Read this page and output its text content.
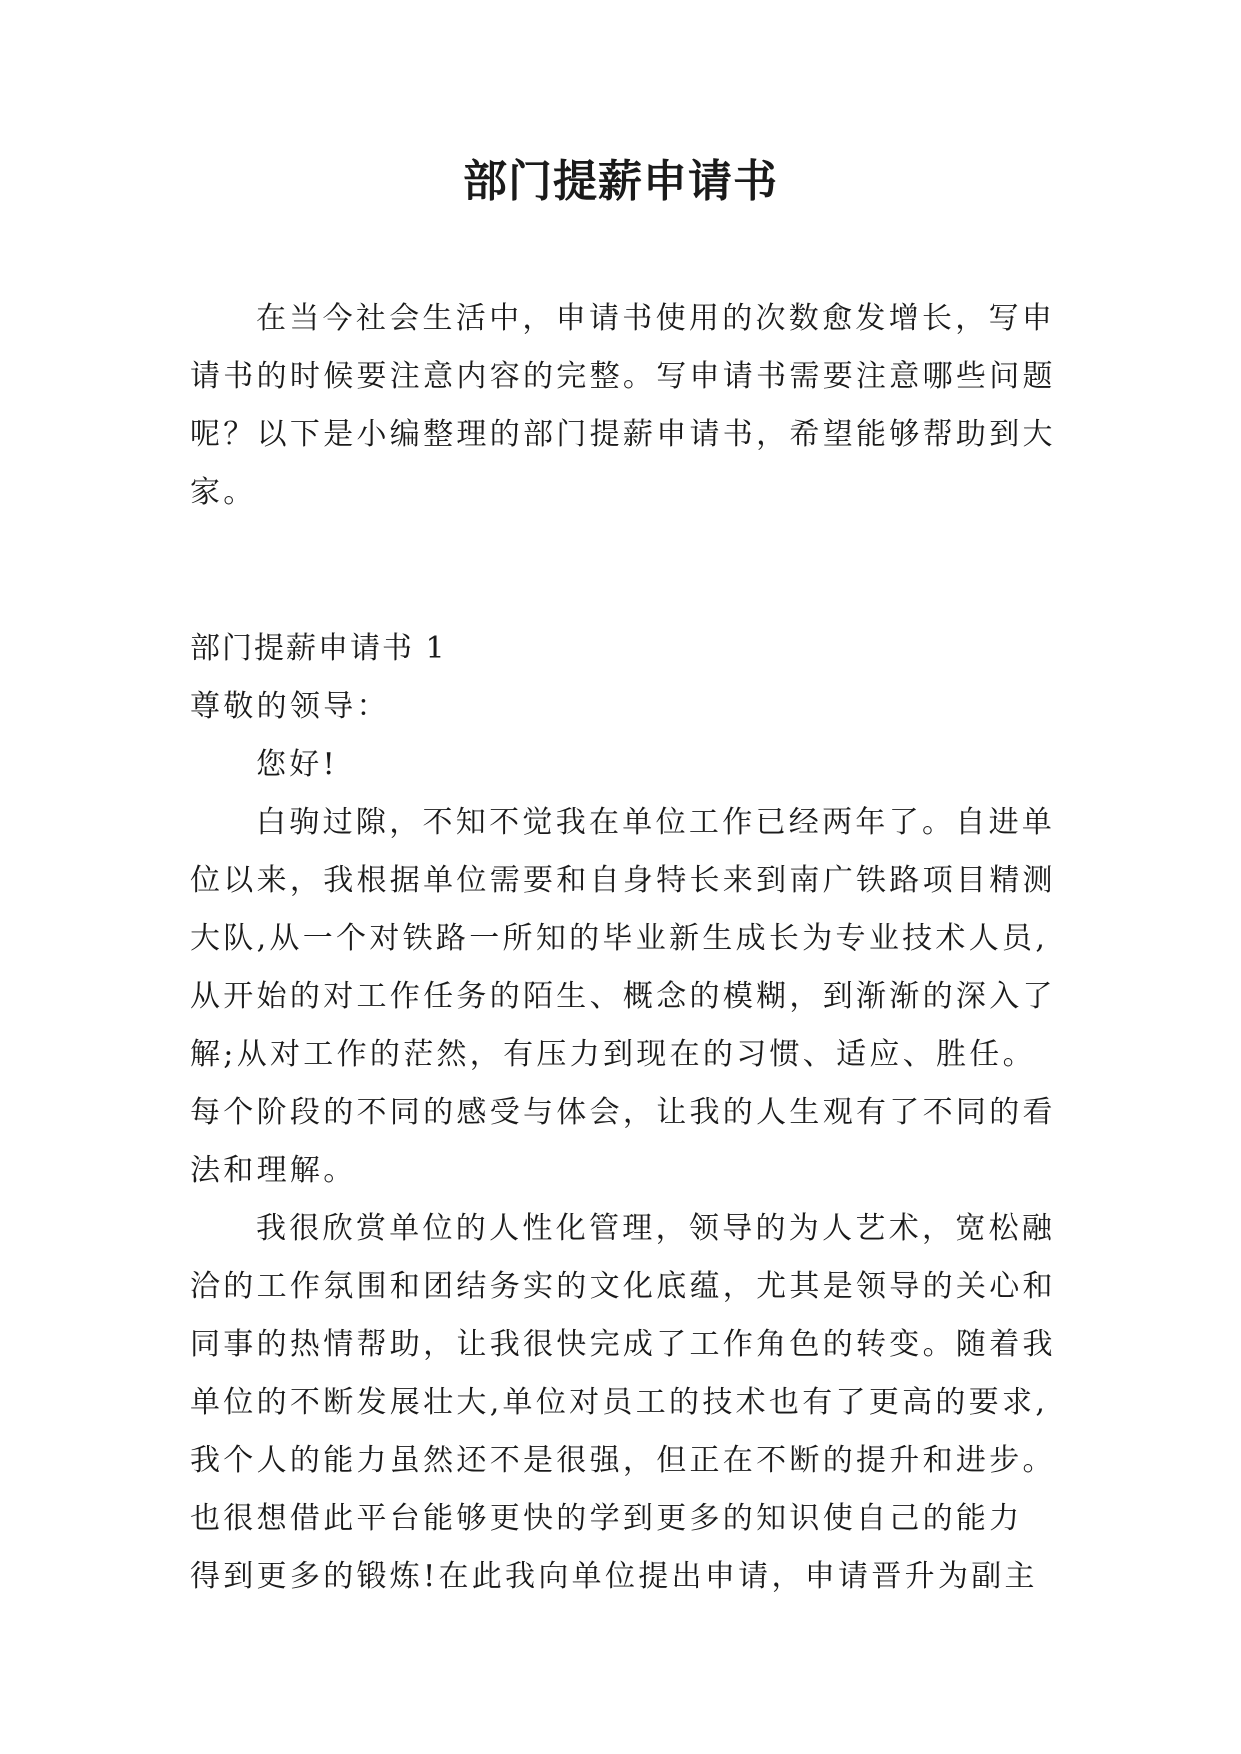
部门提薪申请书
在当今社会生活中，申请书使用的次数愈发增长，写申
请书的时候要注意内容的完整。写申请书需要注意哪些问题
呢？以下是小编整理的部门提薪申请书，希望能够帮助到大
家。
部门提薪申请书 1
尊敬的领导：
您好!
白驹过隙，不知不觉我在单位工作已经两年了。自进单
位以来，我根据单位需要和自身特长来到南广铁路项目精测
大队,从一个对铁路一所知的毕业新生成长为专业技术人员,
从开始的对工作任务的陌生、概念的模糊，到渐渐的深入了
解;从对工作的茫然，有压力到现在的习惯、适应、胜任。
每个阶段的不同的感受与体会，让我的人生观有了不同的看
法和理解。
我很欣赏单位的人性化管理，领导的为人艺术，宽松融
洽的工作氛围和团结务实的文化底蕴，尤其是领导的关心和
同事的热情帮助，让我很快完成了工作角色的转变。随着我
单位的不断发展壮大,单位对员工的技术也有了更高的要求,
我个人的能力虽然还不是很强，但正在不断的提升和进步。
也很想借此平台能够更快的学到更多的知识使自己的能力
得到更多的锻炼!在此我向单位提出申请，申请晋升为副主
